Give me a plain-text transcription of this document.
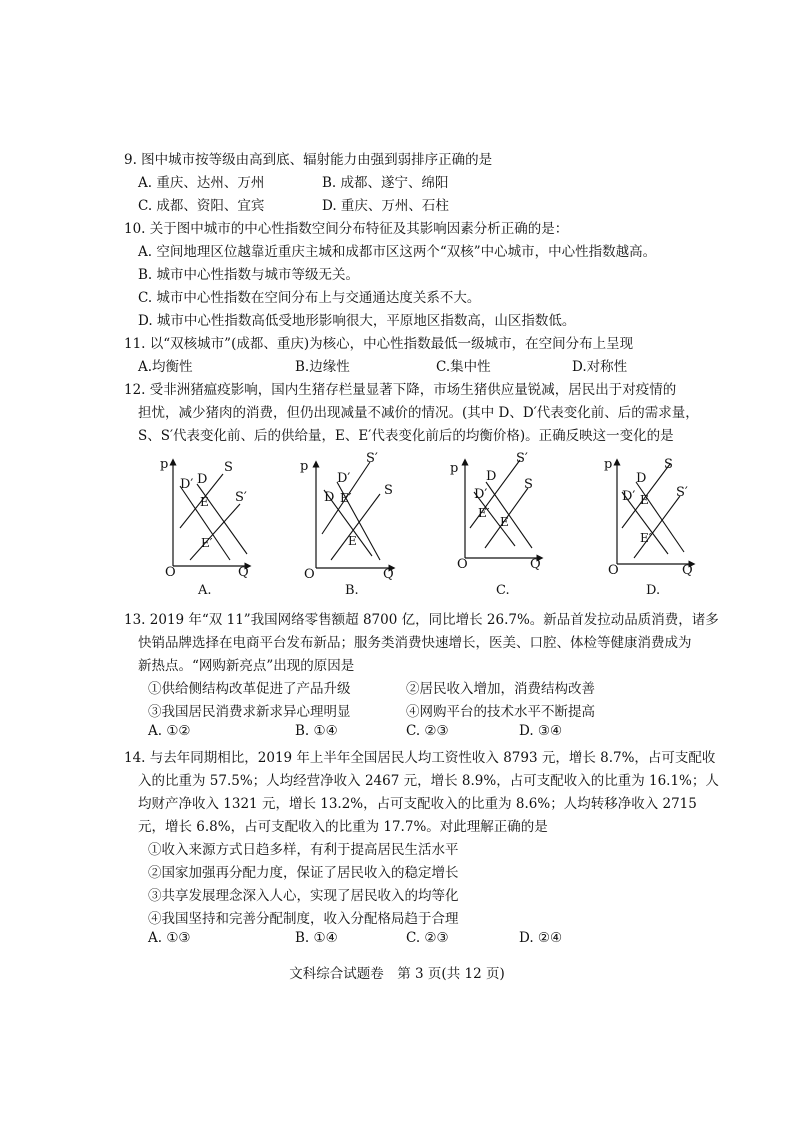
9. 图中城市按等级由高到底、辐射能力由强到弱排序正确的是
A. 重庆、达州、万州	B. 成都、遂宁、绵阳
C. 成都、资阳、宜宾	D. 重庆、万州、石柱
10. 关于图中城市的中心性指数空间分布特征及其影响因素分析正确的是：
A. 空间地理区位越靠近重庆主城和成都市区这两个“双核”中心城市，中心性指数越高。
B. 城市中心性指数与城市等级无关。
C. 城市中心性指数在空间分布上与交通通达度关系不大。
D. 城市中心性指数高低受地形影响很大，平原地区指数高，山区指数低。
11. 以“双核城市”(成都、重庆)为核心，中心性指数最低一级城市，在空间分布上呈现
A.均衡性	B.边缘性	C.集中性	D.对称性
12. 受非洲猪瘟疫影响，国内生猪存栏量显著下降，市场生猪供应量锐减，居民出于对疫情的
担忧，减少猪肉的消费，但仍出现减量不减价的情况。(其中 D、D′代表变化前、后的需求量，
S、S′代表变化前、后的供给量，E、E′代表变化前后的均衡价格)。正确反映这一变化的是
p
O	Q
D′ D
S
S′
E
E′
A.
p
O	Q
D′
D
S′
S
E′
E
B.
p
O	Q
D
D′
S′
S
E′
E
C.
p
O	Q
D′
D
S
S′
E
E′
D.
13. 2019 年“双 11”我国网络零售额超 8700 亿，同比增长 26.7%。新品首发拉动品质消费，诸多
快销品牌选择在电商平台发布新品；服务类消费快速增长，医美、口腔、体检等健康消费成为
新热点。“网购新亮点”出现的原因是
①供给侧结构改革促进了产品升级	②居民收入增加，消费结构改善
③我国居民消费求新求异心理明显	④网购平台的技术水平不断提高
A. ①②	B. ①④	C. ②③	D. ③④
14. 与去年同期相比，2019 年上半年全国居民人均工资性收入 8793 元，增长 8.7%，占可支配收
入的比重为 57.5%；人均经营净收入 2467 元，增长 8.9%，占可支配收入的比重为 16.1%；人
均财产净收入 1321 元，增长 13.2%，占可支配收入的比重为 8.6%；人均转移净收入 2715
元，增长 6.8%，占可支配收入的比重为 17.7%。对此理解正确的是
①收入来源方式日趋多样，有利于提高居民生活水平
②国家加强再分配力度，保证了居民收入的稳定增长
③共享发展理念深入人心，实现了居民收入的均等化
④我国坚持和完善分配制度，收入分配格局趋于合理
A. ①③	B. ①④	C. ②③	D. ②④
文科综合试题卷　第 3 页(共 12 页)
